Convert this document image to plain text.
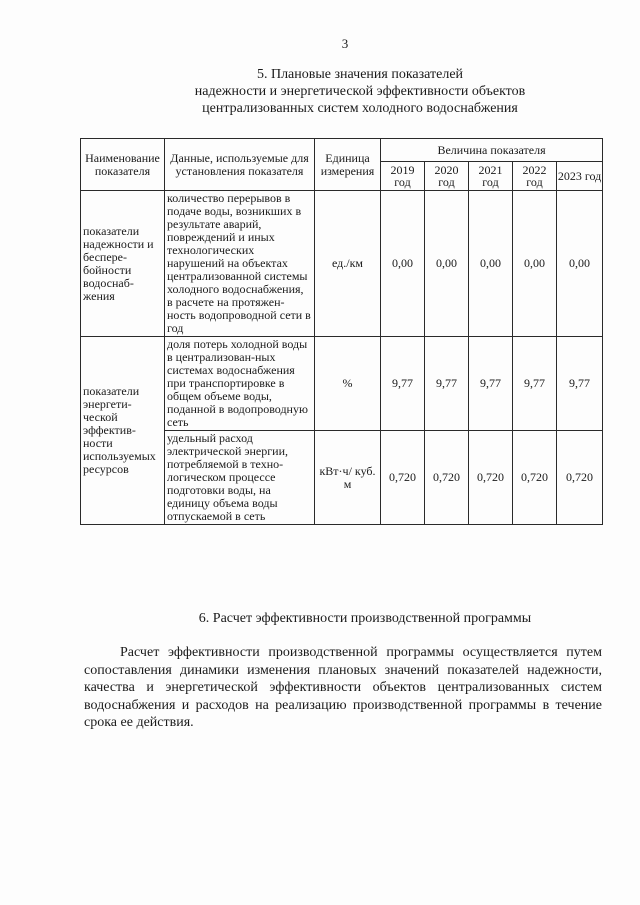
3
5. Плановые значения показателей
надежности и энергетической эффективности объектов
централизованных систем холодного водоснабжения
Наименование показателя	Данные, используемые для установления показателя	Единица измерения	Величина показателя				
			2019 год	2020 год	2021 год	2022 год	2023 год
показатели надежности и беспере-бойности водоснаб-жения	количество перерывов в подаче воды, возникших в результате аварий, повреждений и иных технологических нарушений на объектах централизованной системы холодного водоснабжения, в расчете на протяжен-ность водопроводной сети в год	ед./км	0,00	0,00	0,00	0,00	0,00
показатели энергети-ческой эффектив-ности используемых ресурсов	доля потерь холодной воды в централизован-ных системах водоснабжения при транспортировке в общем объеме воды, поданной в водопроводную сеть	%	9,77	9,77	9,77	9,77	9,77
	удельный расход электрической энергии, потребляемой в техно-логическом процессе подготовки воды, на единицу объема воды отпускаемой в сеть	кВт·ч/ куб. м	0,720	0,720	0,720	0,720	0,720
6. Расчет эффективности производственной программы
Расчет эффективности производственной программы осуществляется путем сопоставления динамики изменения плановых значений показателей надежности, качества и энергетической эффективности объектов централизованных систем водоснабжения и расходов на реализацию производственной программы в течение срока ее действия.
